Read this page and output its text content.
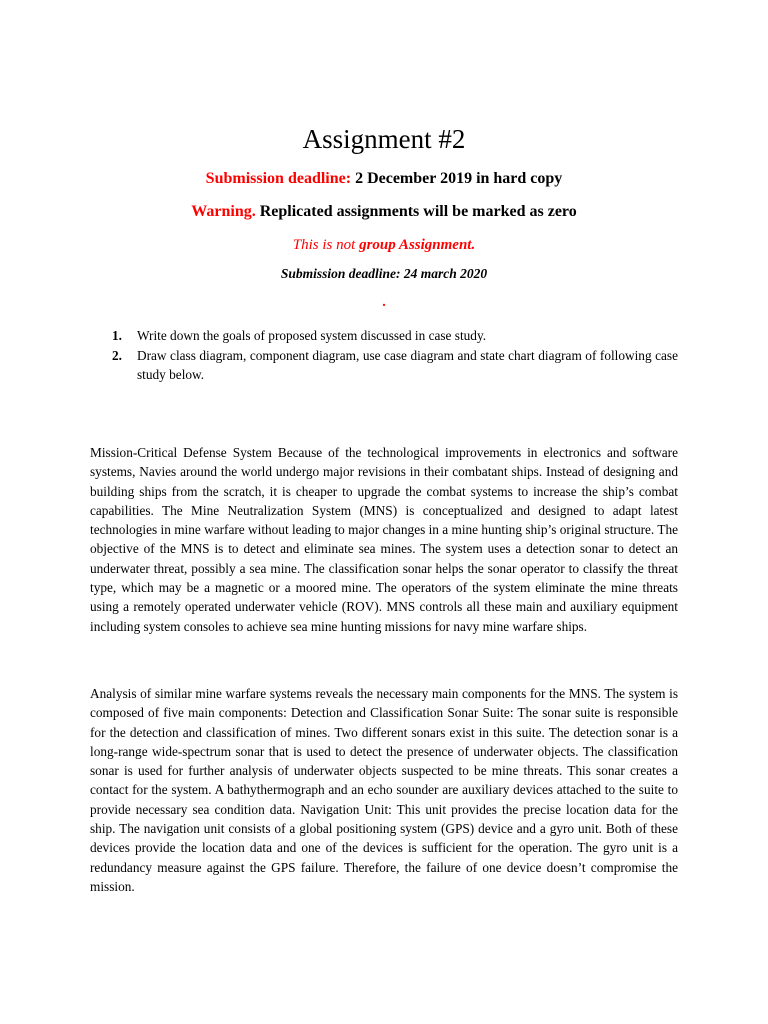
Assignment #2
Submission deadline: 2 December 2019 in hard copy
Warning. Replicated assignments will be marked as zero
This is not group Assignment.
Submission deadline: 24 march 2020
.
1. Write down the goals of proposed system discussed in case study.
2. Draw class diagram, component diagram, use case diagram and state chart diagram of following case study below.

Mission-Critical Defense System Because of the technological improvements in electronics and software systems, Navies around the world undergo major revisions in their combatant ships. Instead of designing and building ships from the scratch, it is cheaper to upgrade the combat systems to increase the ship’s combat capabilities. The Mine Neutralization System (MNS) is conceptualized and designed to adapt latest technologies in mine warfare without leading to major changes in a mine hunting ship’s original structure. The objective of the MNS is to detect and eliminate sea mines. The system uses a detection sonar to detect an underwater threat, possibly a sea mine. The classification sonar helps the sonar operator to classify the threat type, which may be a magnetic or a moored mine. The operators of the system eliminate the mine threats using a remotely operated underwater vehicle (ROV). MNS controls all these main and auxiliary equipment including system consoles to achieve sea mine hunting missions for navy mine warfare ships.

Analysis of similar mine warfare systems reveals the necessary main components for the MNS. The system is composed of five main components: Detection and Classification Sonar Suite: The sonar suite is responsible for the detection and classification of mines. Two different sonars exist in this suite. The detection sonar is a long-range wide-spectrum sonar that is used to detect the presence of underwater objects. The classification sonar is used for further analysis of underwater objects suspected to be mine threats. This sonar creates a contact for the system. A bathythermograph and an echo sounder are auxiliary devices attached to the suite to provide necessary sea condition data. Navigation Unit: This unit provides the precise location data for the ship. The navigation unit consists of a global positioning system (GPS) device and a gyro unit. Both of these devices provide the location data and one of the devices is sufficient for the operation. The gyro unit is a redundancy measure against the GPS failure. Therefore, the failure of one device doesn’t compromise the mission.
